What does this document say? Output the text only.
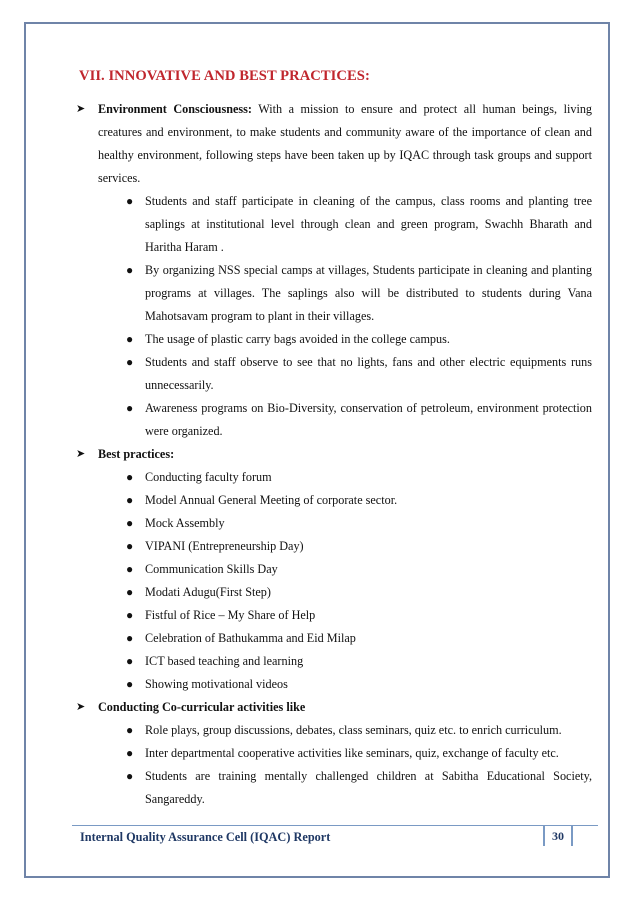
VII. INNOVATIVE AND BEST PRACTICES:
➤ Environment Consciousness: With a mission to ensure and protect all human beings, living creatures and environment, to make students and community aware of the importance of clean and healthy environment, following steps have been taken up by IQAC through task groups and support services.
● Students and staff participate in cleaning of the campus, class rooms and planting tree saplings at institutional level through clean and green program, Swachh Bharath and Haritha Haram .
● By organizing NSS special camps at villages, Students participate in cleaning and planting programs at villages. The saplings also will be distributed to students during Vana Mahotsavam program to plant in their villages.
● The usage of plastic carry bags avoided in the college campus.
● Students and staff observe to see that no lights, fans and other electric equipments runs unnecessarily.
● Awareness programs on Bio-Diversity, conservation of petroleum, environment protection were organized.
➤ Best practices:
● Conducting faculty forum
● Model Annual General Meeting of corporate sector.
● Mock Assembly
● VIPANI (Entrepreneurship Day)
● Communication Skills Day
● Modati Adugu(First Step)
● Fistful of Rice – My Share of Help
● Celebration of Bathukamma and Eid Milap
● ICT based teaching and learning
● Showing motivational videos
➤ Conducting Co-curricular activities like
● Role plays, group discussions, debates, class seminars, quiz etc. to enrich curriculum.
● Inter departmental cooperative activities like seminars, quiz, exchange of faculty etc.
● Students are training mentally challenged children at Sabitha Educational Society, Sangareddy.
Internal Quality Assurance Cell (IQAC) Report	30
